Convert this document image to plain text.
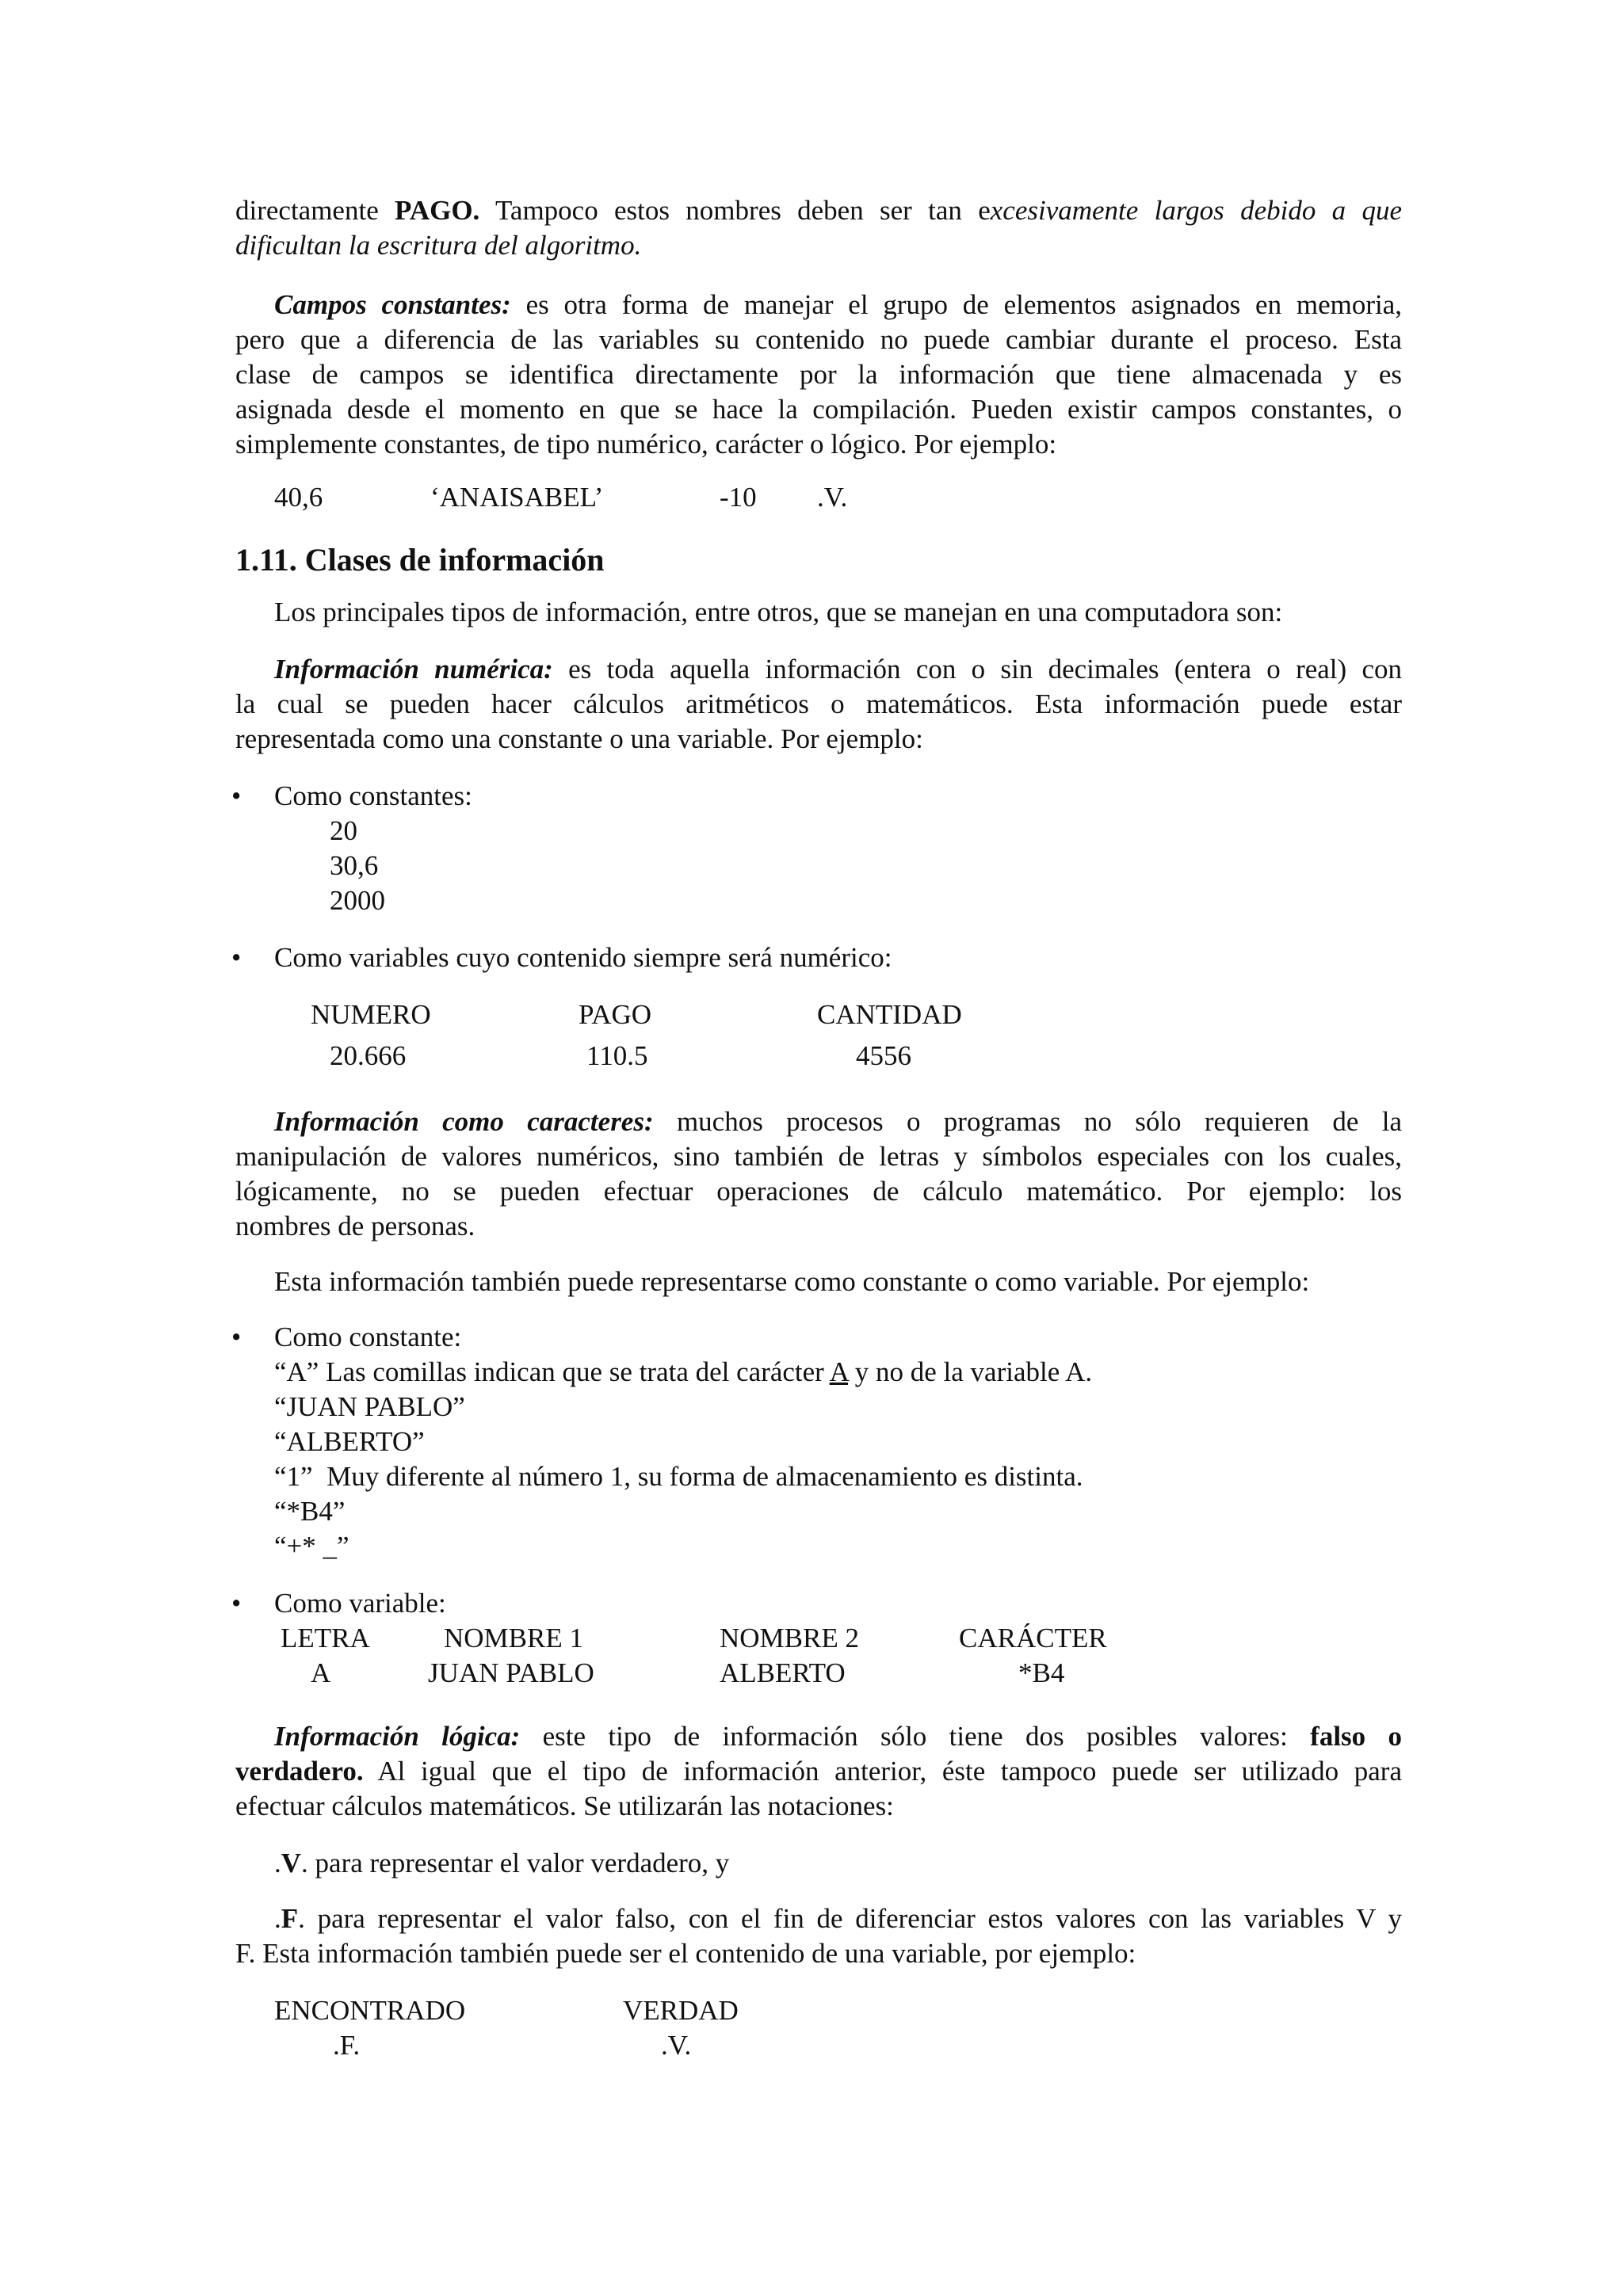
directamente PAGO. Tampoco estos nombres deben ser tan excesivamente largos debido a que
dificultan la escritura del algoritmo.
Campos constantes: es otra forma de manejar el grupo de elementos asignados en memoria,
pero que a diferencia de las variables su contenido no puede cambiar durante el proceso. Esta
clase de campos se identifica directamente por la información que tiene almacenada y es
asignada desde el momento en que se hace la compilación. Pueden existir campos constantes, o
simplemente constantes, de tipo numérico, carácter o lógico. Por ejemplo:
40,6	‘ANAISABEL’	-10 .V.
1.11. Clases de información
Los principales tipos de información, entre otros, que se manejan en una computadora son:
Información numérica: es toda aquella información con o sin decimales (entera o real) con
la cual se pueden hacer cálculos aritméticos o matemáticos. Esta información puede estar
representada como una constante o una variable. Por ejemplo:
• Como constantes:
20
30,6
2000
• Como variables cuyo contenido siempre será numérico:
NUMERO	PAGO	CANTIDAD
20.666	110.5	4556
Información como caracteres: muchos procesos o programas no sólo requieren de la
manipulación de valores numéricos, sino también de letras y símbolos especiales con los cuales,
lógicamente, no se pueden efectuar operaciones de cálculo matemático. Por ejemplo: los
nombres de personas.
Esta información también puede representarse como constante o como variable. Por ejemplo:
• Como constante:
“A” Las comillas indican que se trata del carácter A y no de la variable A.
“JUAN PABLO”
“ALBERTO”
“1”  Muy diferente al número 1, su forma de almacenamiento es distinta.
“*B4”
“+* _”
• Como variable:
LETRA	NOMBRE 1	NOMBRE 2	CARÁCTER
A	JUAN PABLO	ALBERTO	*B4
Información lógica: este tipo de información sólo tiene dos posibles valores: falso o
verdadero. Al igual que el tipo de información anterior, éste tampoco puede ser utilizado para
efectuar cálculos matemáticos. Se utilizarán las notaciones:
.V. para representar el valor verdadero, y
.F. para representar el valor falso, con el fin de diferenciar estos valores con las variables V y
F. Esta información también puede ser el contenido de una variable, por ejemplo:
ENCONTRADO	VERDAD
.F.	.V.
